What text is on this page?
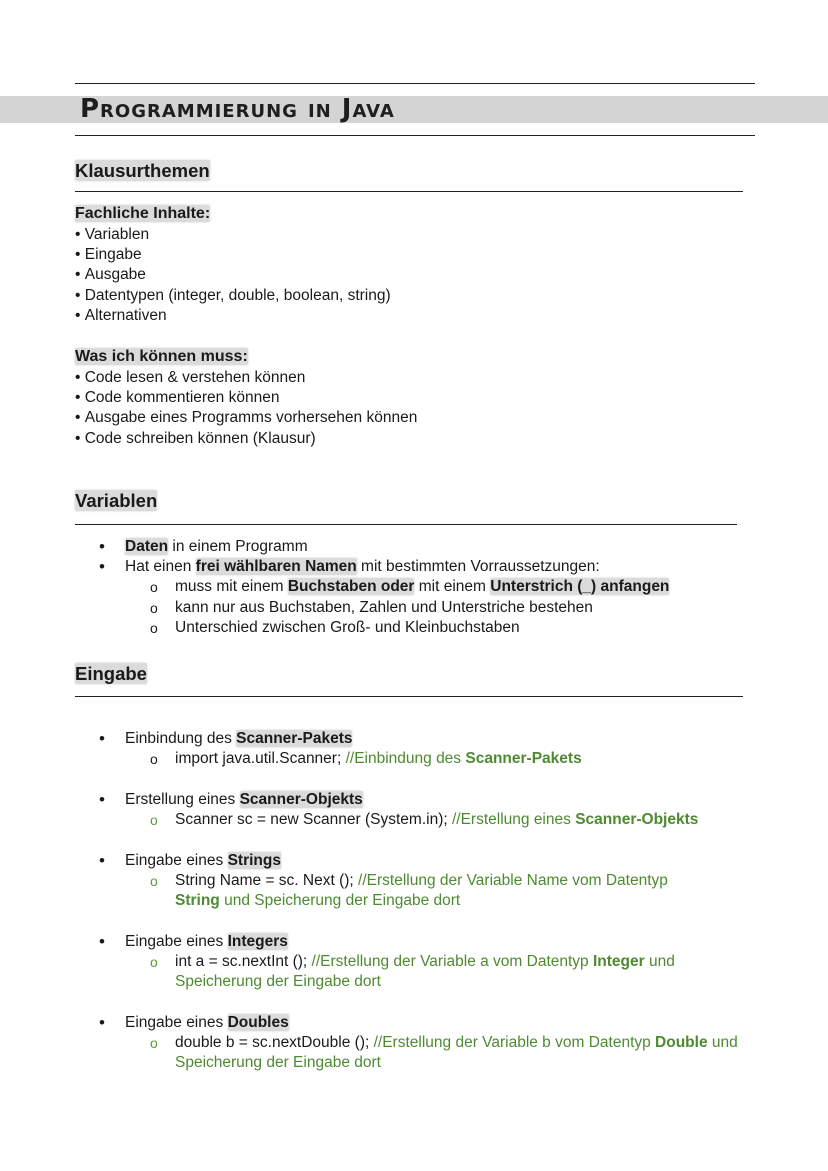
Programmierung in Java
Klausurthemen

Fachliche Inhalte:

• Variablen
• Eingabe
• Ausgabe
• Datentypen (integer, double, boolean, string)
• Alternativen

Was ich können muss:

• Code lesen & verstehen können
• Code kommentieren können
• Ausgabe eines Programms vorhersehen können
• Code schreiben können (Klausur)
Variablen
• Daten in einem Programm
• Hat einen frei wählbaren Namen mit bestimmten Vorraussetzungen:
o muss mit einem Buchstaben oder mit einem Unterstrich (_) anfangen
o kann nur aus Buchstaben, Zahlen und Unterstriche bestehen
o Unterschied zwischen Groß- und Kleinbuchstaben
Eingabe
• Einbindung des Scanner-Pakets
o import java.util.Scanner; //Einbindung des Scanner-Pakets
• Erstellung eines Scanner-Objekts
o Scanner sc = new Scanner (System.in); //Erstellung eines Scanner-Objekts
• Eingabe eines Strings
o String Name = sc. Next (); //Erstellung der Variable Name vom Datentyp String und Speicherung der Eingabe dort
• Eingabe eines Integers
o int a = sc.nextInt (); //Erstellung der Variable a vom Datentyp Integer und Speicherung der Eingabe dort
• Eingabe eines Doubles
o double b = sc.nextDouble (); //Erstellung der Variable b vom Datentyp Double und Speicherung der Eingabe dort
